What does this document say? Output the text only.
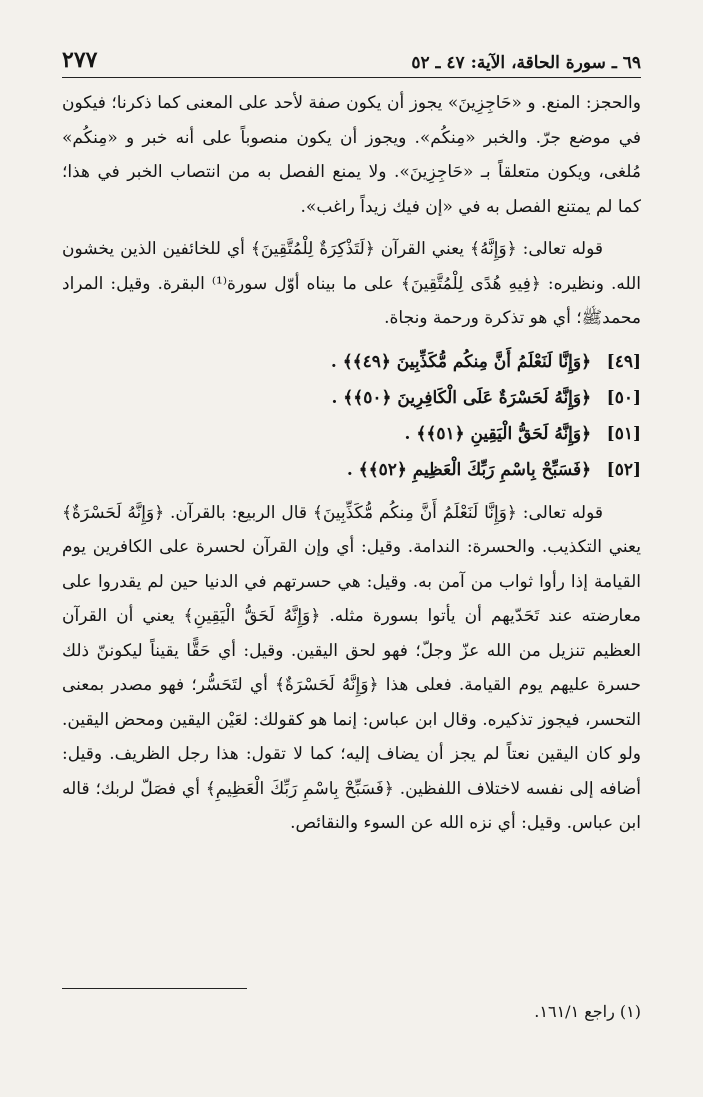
٢٧٧	٦٩ ـ سورة الحاقة، الآية: ٤٧ ـ ٥٢

والحجز: المنع. و «حَاجِزِينَ» يجوز أن يكون صفة لأحد على المعنى كما ذكرنا؛ فيكون في موضع جرّ. والخبر «مِنكُم». ويجوز أن يكون منصوباً على أنه خبر و «مِنكُم» مُلغى، ويكون متعلقاً بـ «حَاجِزِينَ». ولا يمنع الفصل به من انتصاب الخبر في هذا؛ كما لم يمتنع الفصل به في «إن فيك زيداً راغب».

قوله تعالى: ﴿وَإِنَّهُ﴾ يعني القرآن ﴿لَتَذْكِرَةٌ لِلْمُتَّقِينَ﴾ أي للخائفين الذين يخشون الله. ونظيره: ﴿فِيهِ هُدًى لِلْمُتَّقِينَ﴾ على ما بيناه أوّل سورة⁽¹⁾ البقرة. وقيل: المراد محمدﷺ؛ أي هو تذكرة ورحمة ونجاة.

[٤٩] ﴿وَإِنَّا لَنَعْلَمُ أَنَّ مِنكُم مُّكَذِّبِينَ ﴿٤٩﴾﴾ .

[٥٠] ﴿وَإِنَّهُ لَحَسْرَةٌ عَلَى الْكَافِرِينَ ﴿٥٠﴾﴾ .

[٥١] ﴿وَإِنَّهُ لَحَقُّ الْيَقِينِ ﴿٥١﴾﴾ .

[٥٢] ﴿فَسَبِّحْ بِاسْمِ رَبِّكَ الْعَظِيمِ ﴿٥٢﴾﴾ .

قوله تعالى: ﴿وَإِنَّا لَنَعْلَمُ أَنَّ مِنكُم مُّكَذِّبِينَ﴾ قال الربيع: بالقرآن. ﴿وَإِنَّهُ لَحَسْرَةٌ﴾ يعني التكذيب. والحسرة: الندامة. وقيل: أي وإن القرآن لحسرة على الكافرين يوم القيامة إذا رأوا ثواب من آمن به. وقيل: هي حسرتهم في الدنيا حين لم يقدروا على معارضته عند تَحَدّيهم أن يأتوا بسورة مثله. ﴿وَإِنَّهُ لَحَقُّ الْيَقِينِ﴾ يعني أن القرآن العظيم تنزيل من الله عزّ وجلّ؛ فهو لحق اليقين. وقيل: أي حَقًّا يقيناً ليكوننّ ذلك حسرة عليهم يوم القيامة. فعلى هذا ﴿وَإِنَّهُ لَحَسْرَةٌ﴾ أي لتَحَسُّر؛ فهو مصدر بمعنى التحسر، فيجوز تذكيره. وقال ابن عباس: إنما هو كقولك: لعَيْن اليقين ومحض اليقين. ولو كان اليقين نعتاً لم يجز أن يضاف إليه؛ كما لا تقول: هذا رجل الظريف. وقيل: أضافه إلى نفسه لاختلاف اللفظين. ﴿فَسَبِّحْ بِاسْمِ رَبِّكَ الْعَظِيمِ﴾ أي فصَلّ لربك؛ قاله ابن عباس. وقيل: أي نزه الله عن السوء والنقائص.

(١) راجع ١٦١/١.
